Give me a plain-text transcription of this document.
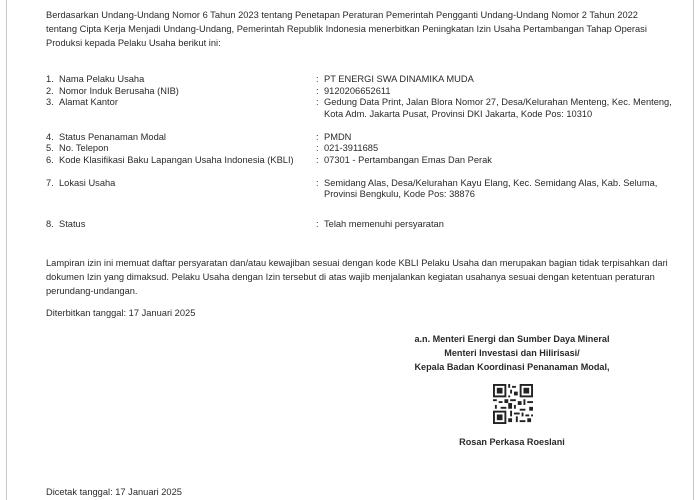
Berdasarkan Undang-Undang Nomor 6 Tahun 2023 tentang Penetapan Peraturan Pemerintah Pengganti Undang-Undang Nomor 2 Tahun 2022 tentang Cipta Kerja Menjadi Undang-Undang, Pemerintah Republik Indonesia menerbitkan Peningkatan Izin Usaha Pertambangan Tahap Operasi Produksi kepada Pelaku Usaha berikut ini:

1. Nama Pelaku Usaha	: PT ENERGI SWA DINAMIKA MUDA
2. Nomor Induk Berusaha (NIB)	: 9120206652611
3. Alamat Kantor	: Gedung Data Print, Jalan Blora Nomor 27, Desa/Kelurahan Menteng, Kec. Menteng, Kota Adm. Jakarta Pusat, Provinsi DKI Jakarta, Kode Pos: 10310
4. Status Penanaman Modal	: PMDN
5. No. Telepon	: 021-3911685
6. Kode Klasifikasi Baku Lapangan Usaha Indonesia (KBLI)	: 07301 - Pertambangan Emas Dan Perak
7. Lokasi Usaha	: Semidang Alas, Desa/Kelurahan Kayu Elang, Kec. Semidang Alas, Kab. Seluma, Provinsi Bengkulu, Kode Pos: 38876
8. Status	: Telah memenuhi persyaratan

Lampiran izin ini memuat daftar persyaratan dan/atau kewajiban sesuai dengan kode KBLI Pelaku Usaha dan merupakan bagian tidak terpisahkan dari dokumen Izin yang dimaksud. Pelaku Usaha dengan Izin tersebut di atas wajib menjalankan kegiatan usahanya sesuai dengan ketentuan peraturan perundang-undangan.

Diterbitkan tanggal: 17 Januari 2025
a.n. Menteri Energi dan Sumber Daya Mineral
Menteri Investasi dan Hilirisasi/
Kepala Badan Koordinasi Penanaman Modal,
Rosan Perkasa Roeslani
Dicetak tanggal: 17 Januari 2025
